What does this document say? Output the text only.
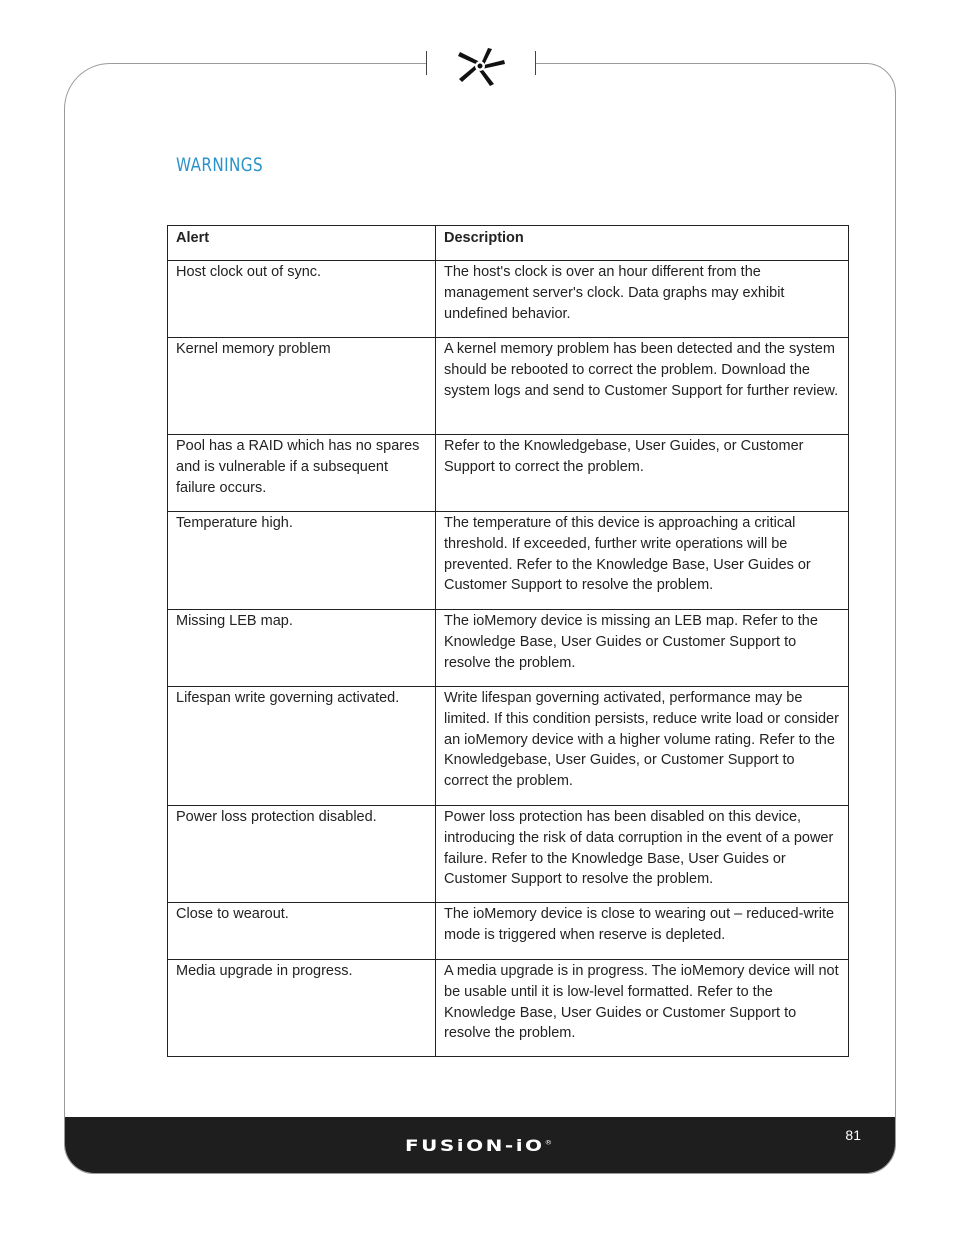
FUSiON-iO®
81
WARNINGS
Alert	Description
Host clock out of sync.	The host's clock is over an hour different from the management server's clock. Data graphs may exhibit undefined behavior.
Kernel memory problem	A kernel memory problem has been detected and the system should be rebooted to correct the problem. Download the system logs and send to Customer Support for further review.
Pool has a RAID which has no spares and is vulnerable if a subsequent failure occurs.	Refer to the Knowledgebase, User Guides, or Customer Support to correct the problem.
Temperature high.	The temperature of this device is approaching a critical threshold. If exceeded, further write operations will be prevented. Refer to the Knowledge Base, User Guides or Customer Support to resolve the problem.
Missing LEB map.	The ioMemory device is missing an LEB map. Refer to the Knowledge Base, User Guides or Customer Support to resolve the problem.
Lifespan write governing activated.	Write lifespan governing activated, performance may be limited. If this condition persists, reduce write load or consider an ioMemory device with a higher volume rating. Refer to the Knowledgebase, User Guides, or Customer Support to correct the problem.
Power loss protection disabled.	Power loss protection has been disabled on this device, introducing the risk of data corruption in the event of a power failure. Refer to the Knowledge Base, User Guides or Customer Support to resolve the problem.
Close to wearout.	The ioMemory device is close to wearing out – reduced-write mode is triggered when reserve is depleted.
Media upgrade in progress.	A media upgrade is in progress. The ioMemory device will not be usable until it is low-level formatted. Refer to the Knowledge Base, User Guides or Customer Support to resolve the problem.
